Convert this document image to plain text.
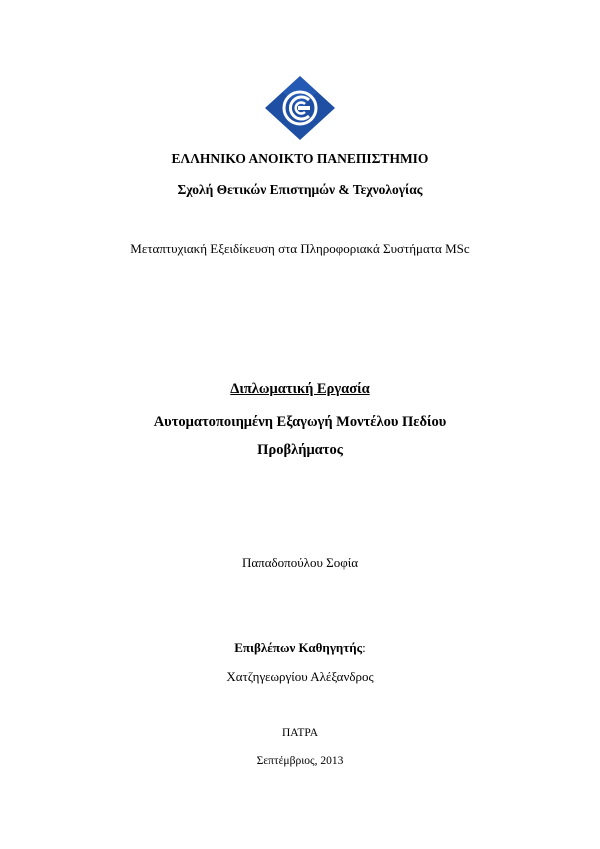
ΕΛΛΗΝΙΚΟ ΑΝΟΙΚΤΟ ΠΑΝΕΠΙΣΤΗΜΙΟ
Σχολή Θετικών Επιστημών & Τεχνολογίας
Μεταπτυχιακή Εξειδίκευση στα Πληροφοριακά Συστήματα MSc
Διπλωματική Εργασία
Αυτοματοποιημένη Εξαγωγή Μοντέλου Πεδίου
Προβλήματος
Παπαδοπούλου Σοφία
Επιβλέπων Καθηγητής:
Χατζηγεωργίου Αλέξανδρος
ΠΑΤΡΑ
Σεπτέμβριος, 2013
